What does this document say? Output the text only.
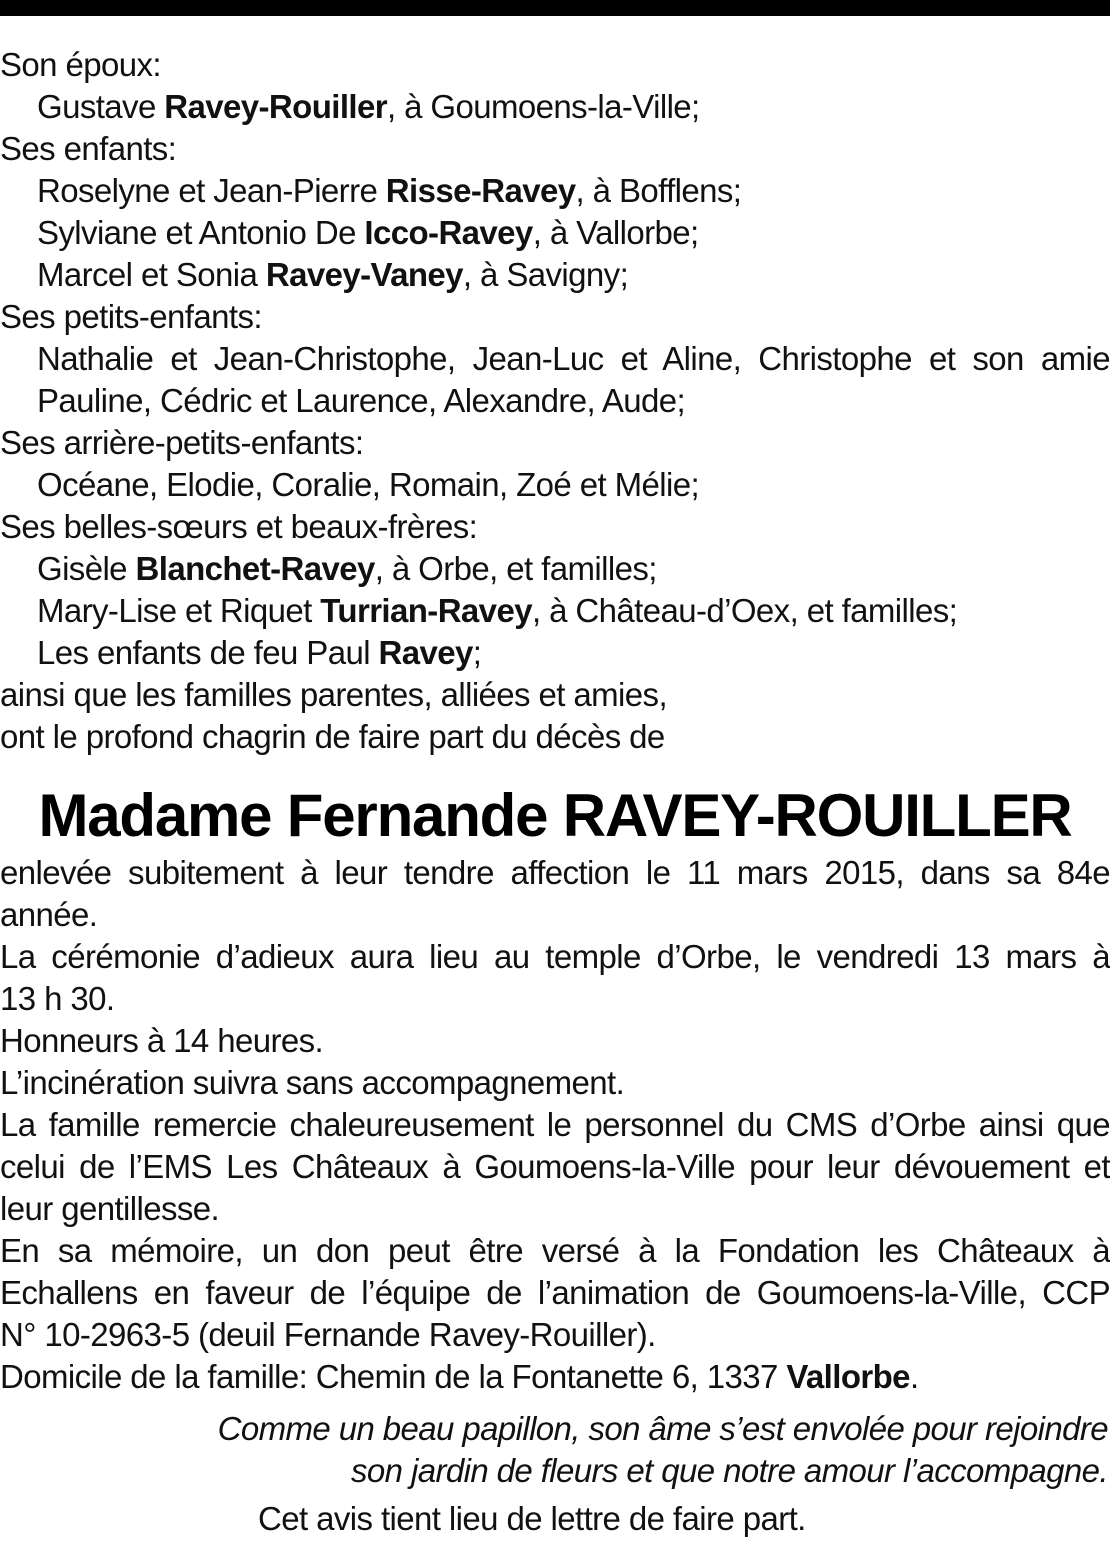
Son époux:
Gustave Ravey-Rouiller, à Goumoens-la-Ville;
Ses enfants:
Roselyne et Jean-Pierre Risse-Ravey, à Bofflens;
Sylviane et Antonio De Icco-Ravey, à Vallorbe;
Marcel et Sonia Ravey-Vaney, à Savigny;
Ses petits-enfants:
Nathalie et Jean-Christophe, Jean-Luc et Aline, Christophe et son amie
Pauline, Cédric et Laurence, Alexandre, Aude;
Ses arrière-petits-enfants:
Océane, Elodie, Coralie, Romain, Zoé et Mélie;
Ses belles-sœurs et beaux-frères:
Gisèle Blanchet-Ravey, à Orbe, et familles;
Mary-Lise et Riquet Turrian-Ravey, à Château-d’Oex, et familles;
Les enfants de feu Paul Ravey;
ainsi que les familles parentes, alliées et amies,
ont le profond chagrin de faire part du décès de
Madame Fernande RAVEY-ROUILLER
enlevée subitement à leur tendre affection le 11 mars 2015, dans sa 84e
année.
La cérémonie d’adieux aura lieu au temple d’Orbe, le vendredi 13 mars à
13 h 30.
Honneurs à 14 heures.
L’incinération suivra sans accompagnement.
La famille remercie chaleureusement le personnel du CMS d’Orbe ainsi que
celui de l’EMS Les Châteaux à Goumoens-la-Ville pour leur dévouement et
leur gentillesse.
En sa mémoire, un don peut être versé à la Fondation les Châteaux à
Echallens en faveur de l’équipe de l’animation de Goumoens-la-Ville, CCP
N° 10-2963-5 (deuil Fernande Ravey-Rouiller).
Domicile de la famille: Chemin de la Fontanette 6, 1337 Vallorbe.
Comme un beau papillon, son âme s’est envolée pour rejoindre
son jardin de fleurs et que notre amour l’accompagne.
Cet avis tient lieu de lettre de faire part.
